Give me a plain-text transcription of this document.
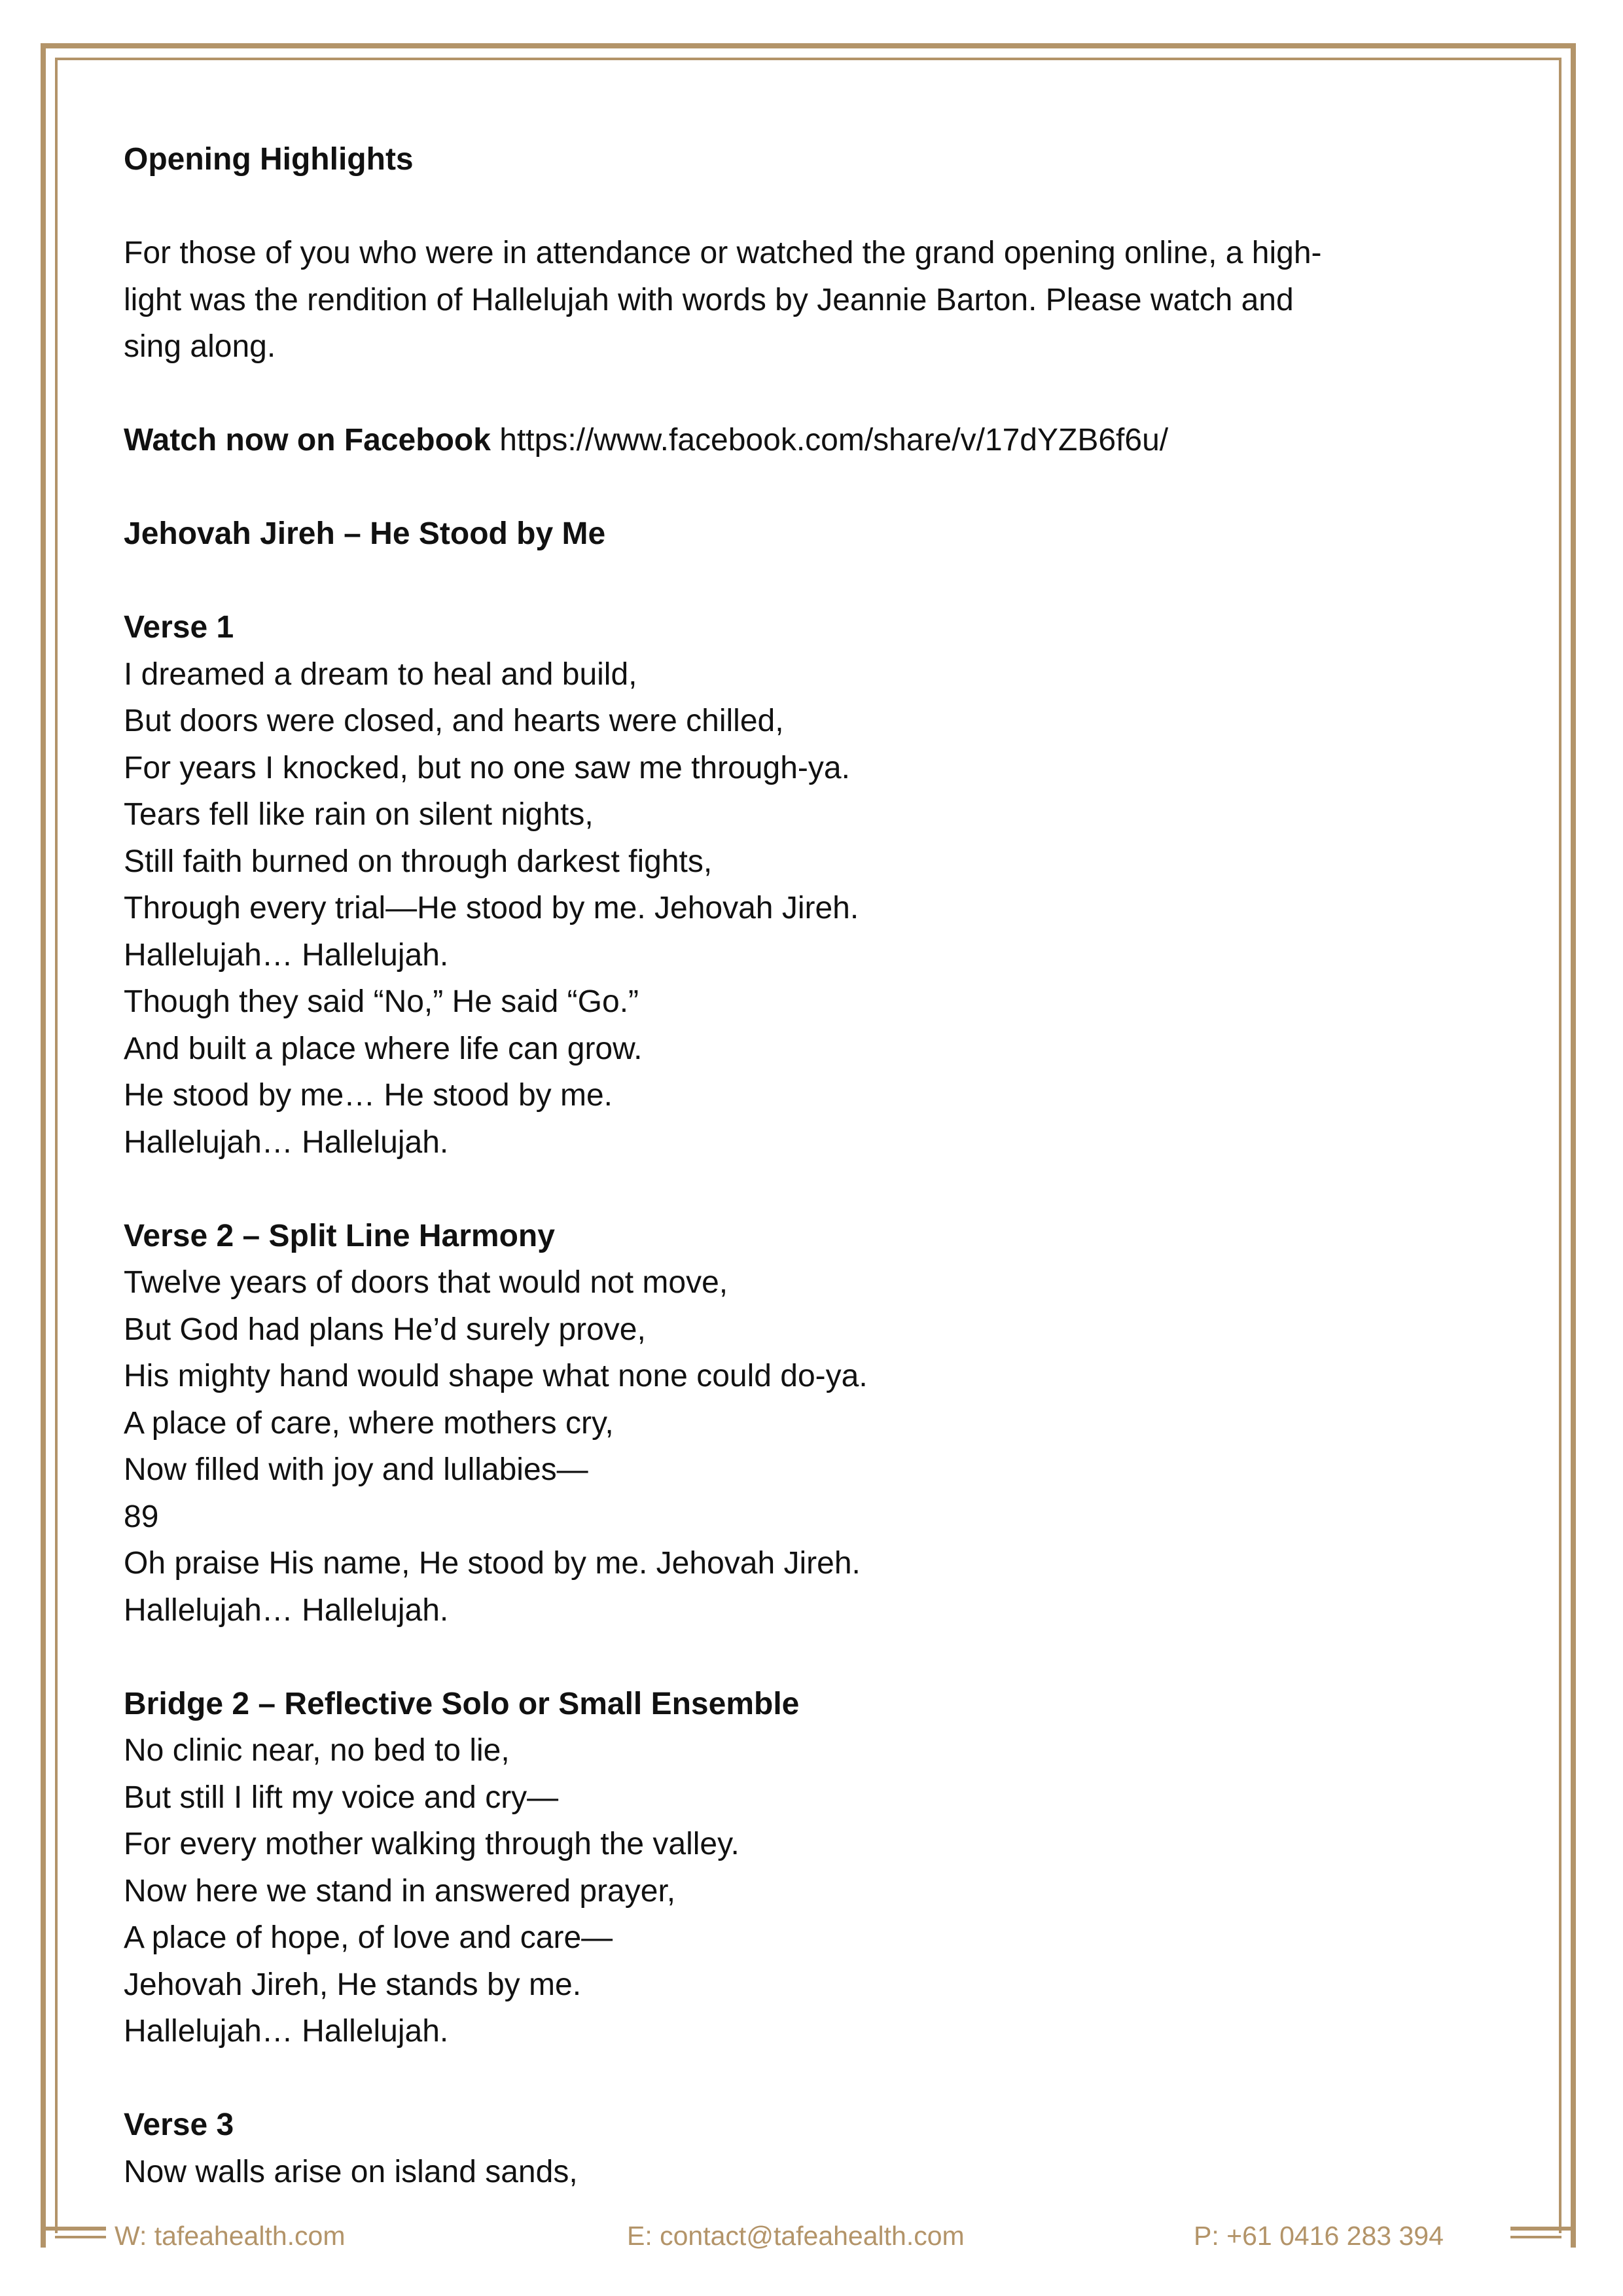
Opening Highlights

For those of you who were in attendance or watched the grand opening online, a high-

light was the rendition of Hallelujah with words by Jeannie Barton. Please watch and

sing along.

Watch now on Facebook https://www.facebook.com/share/v/17dYZB6f6u/

Jehovah Jireh – He Stood by Me

Verse 1

I dreamed a dream to heal and build,

But doors were closed, and hearts were chilled,

For years I knocked, but no one saw me through-ya.

Tears fell like rain on silent nights,

Still faith burned on through darkest fights,

Through every trial—He stood by me. Jehovah Jireh.

Hallelujah… Hallelujah.

Though they said “No,” He said “Go.”

And built a place where life can grow.

He stood by me… He stood by me.

Hallelujah… Hallelujah.

Verse 2 – Split Line Harmony

Twelve years of doors that would not move,

But God had plans He’d surely prove,

His mighty hand would shape what none could do-ya.

A place of care, where mothers cry,

Now filled with joy and lullabies—

89

Oh praise His name, He stood by me. Jehovah Jireh.

Hallelujah… Hallelujah.

Bridge 2 – Reflective Solo or Small Ensemble

No clinic near, no bed to lie,

But still I lift my voice and cry—

For every mother walking through the valley.

Now here we stand in answered prayer,

A place of hope, of love and care—

Jehovah Jireh, He stands by me.

Hallelujah… Hallelujah.

Verse 3

Now walls arise on island sands,

W: tafeahealth.com	E: contact@tafeahealth.com	P: +61 0416 283 394
